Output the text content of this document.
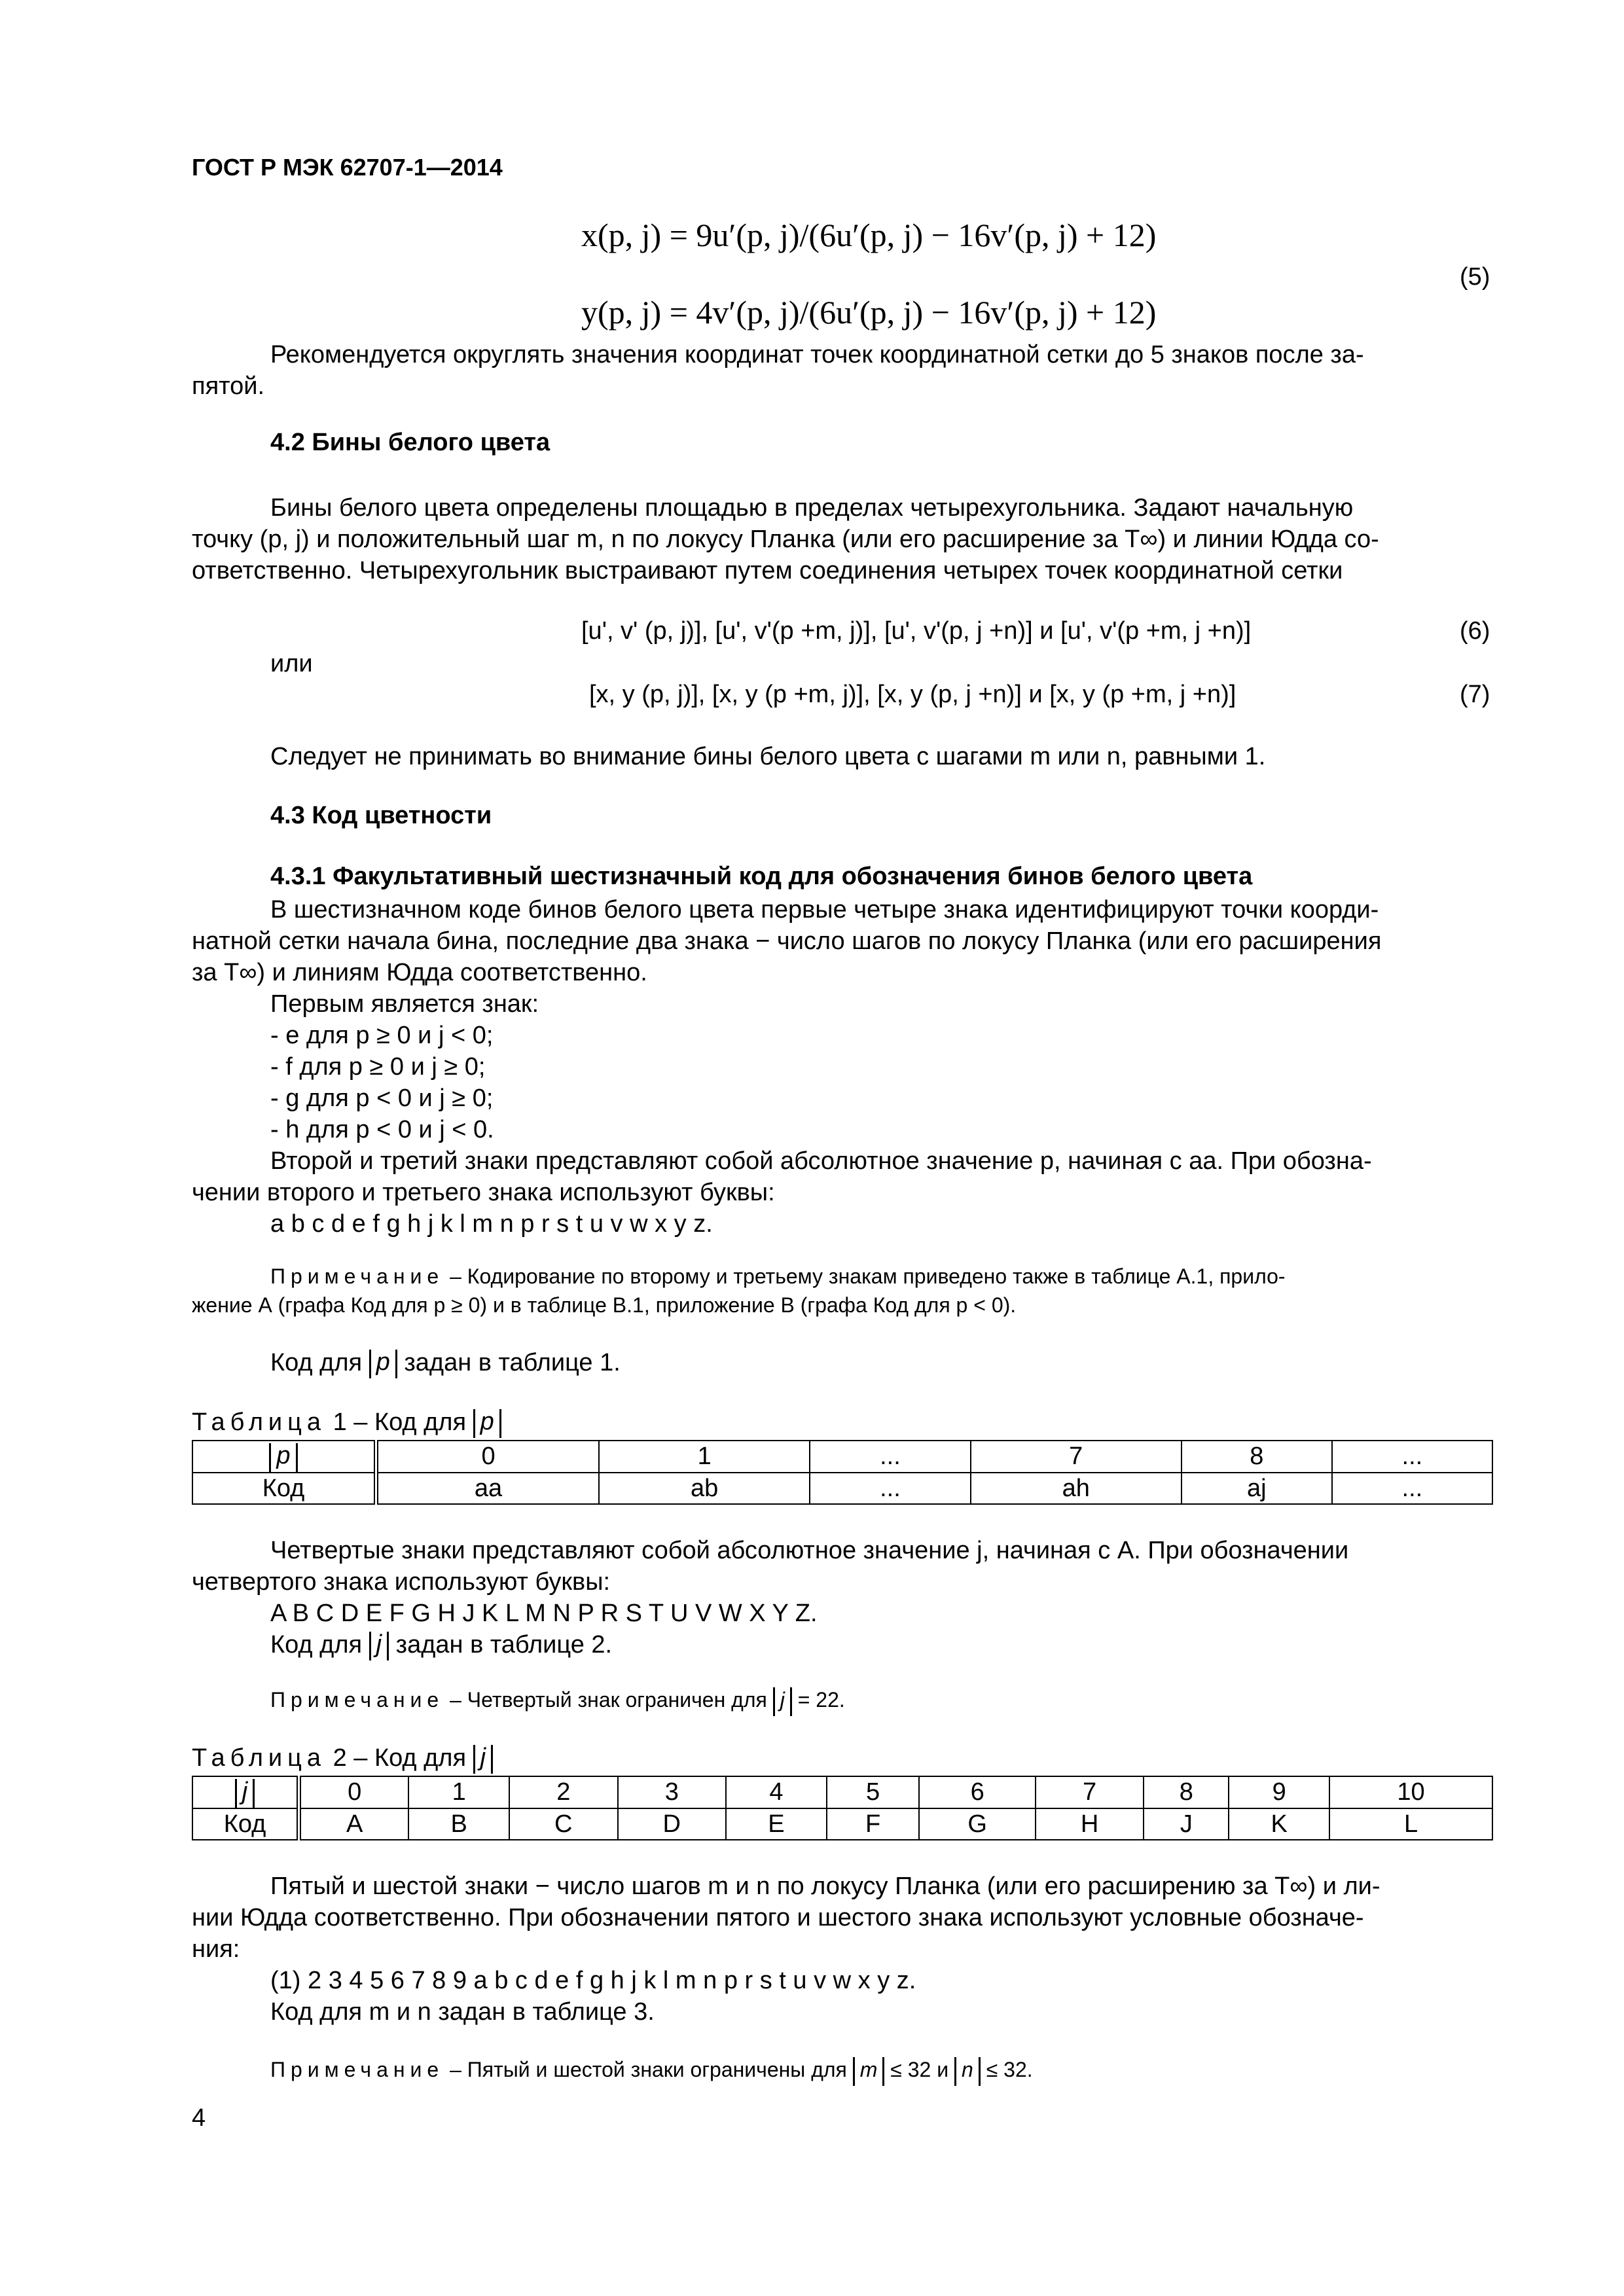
ГОСТ Р МЭК 62707-1—2014
x(p, j) = 9u′(p, j)/(6u′(p, j) − 16v′(p, j) + 12)
y(p, j) = 4v′(p, j)/(6u′(p, j) − 16v′(p, j) + 12)
(5)
Рекомендуется округлять значения координат точек координатной сетки до 5 знаков после за-
пятой.
4.2 Бины белого цвета
Бины белого цвета определены площадью в пределах четырехугольника. Задают начальную
точку (p, j) и положительный шаг m, n по локусу Планка (или его расширение за T∞) и линии Юдда со-
ответственно. Четырехугольник выстраивают путем соединения четырех точек координатной сетки
[u', v' (p, j)], [u', v'(p +m, j)], [u', v'(p, j +n)] и [u', v'(p +m, j +n)]	(6)
или
[x, y (p, j)], [x, y (p +m, j)], [x, y (p, j +n)] и [x, y (p +m, j +n)]	(7)
Следует не принимать во внимание бины белого цвета с шагами m или n, равными 1.
4.3 Код цветности
4.3.1 Факультативный шестизначный код для обозначения бинов белого цвета
В шестизначном коде бинов белого цвета первые четыре знака идентифицируют точки коорди-
натной сетки начала бина, последние два знака − число шагов по локусу Планка (или его расширения
за T∞) и линиям Юдда соответственно.
Первым является знак:
- e для p ≥ 0 и j < 0;
- f для p ≥ 0 и j ≥ 0;
- g для p < 0 и j ≥ 0;
- h для p < 0 и j < 0.
Второй и третий знаки представляют собой абсолютное значение p, начиная с aa. При обозна-
чении второго и третьего знака используют буквы:
a b c d e f g h j k l m n p r s t u v w x y z.
Примечание – Кодирование по второму и третьему знакам приведено также в таблице А.1, прило-
жение А (графа Код для p ≥ 0) и в таблице В.1, приложение В (графа Код для p < 0).
Код для p задан в таблице 1.
Таблица 1 – Код для p
p	0	1	...	7	8	...
Код	aa	ab	...	ah	aj	...
Четвертые знаки представляют собой абсолютное значение j, начиная с A. При обозначении
четвертого знака используют буквы:
A B C D E F G H J K L M N P R S T U V W X Y Z.
Код для j задан в таблице 2.
Примечание – Четвертый знак ограничен для j = 22.
Таблица 2 – Код для j
j	0	1	2	3	4	5	6	7	8	9	10
Код	A	B	C	D	E	F	G	H	J	K	L
Пятый и шестой знаки − число шагов m и n по локусу Планка (или его расширению за T∞) и ли-
нии Юдда соответственно. При обозначении пятого и шестого знака используют условные обозначе-
ния:
(1) 2 3 4 5 6 7 8 9 a b c d e f g h j k l m n p r s t u v w x y z.
Код для m и n задан в таблице 3.
Примечание – Пятый и шестой знаки ограничены для m ≤ 32 и n ≤ 32.
4
